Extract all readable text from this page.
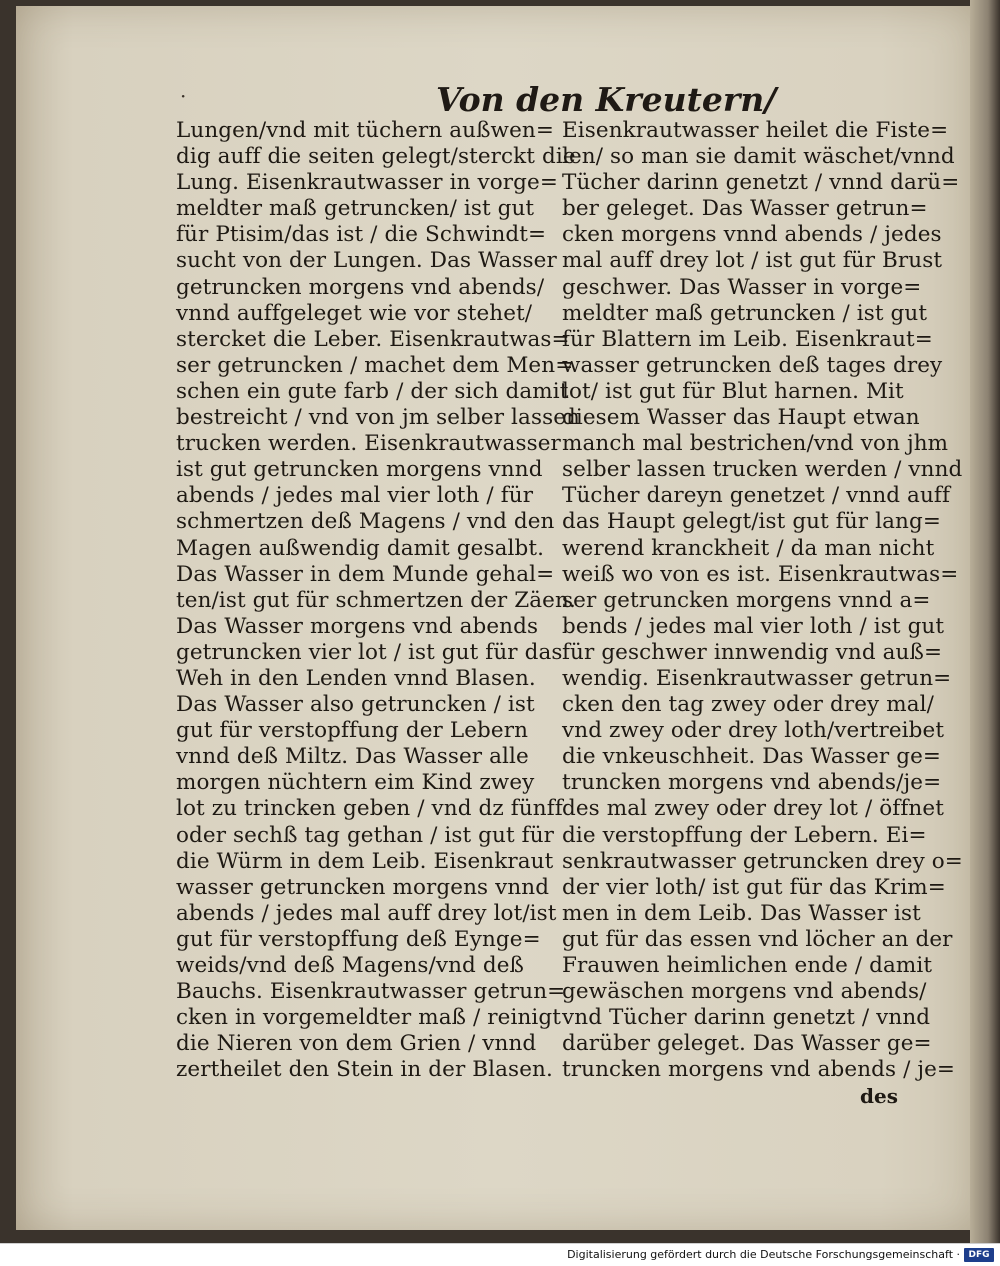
·	Von den Kreutern/
Lungen/vnd mit tüchern außwen=
dig auff die seiten gelegt/sterckt die
Lung. Eisenkrautwasser in vorge=
meldter maß getruncken/ ist gut
für Ptisim/das ist / die Schwindt=
sucht von der Lungen. Das Wasser
getruncken morgens vnd abends/
vnnd auffgeleget wie vor stehet/
stercket die Leber. Eisenkrautwas=
ser getruncken / machet dem Men=
schen ein gute farb / der sich damit
bestreicht / vnd von jm selber lassen
trucken werden. Eisenkrautwasser
ist gut getruncken morgens vnnd
abends / jedes mal vier loth / für
schmertzen deß Magens / vnd den
Magen außwendig damit gesalbt.
Das Wasser in dem Munde gehal=
ten/ist gut für schmertzen der Zäen.
Das Wasser morgens vnd abends
getruncken vier lot / ist gut für das
Weh in den Lenden vnnd Blasen.
Das Wasser also getruncken / ist
gut für verstopffung der Lebern
vnnd deß Miltz. Das Wasser alle
morgen nüchtern eim Kind zwey
lot zu trincken geben / vnd dz fünff
oder sechß tag gethan / ist gut für
die Würm in dem Leib. Eisenkraut
wasser getruncken morgens vnnd
abends / jedes mal auff drey lot/ist
gut für verstopffung deß Eynge=
weids/vnd deß Magens/vnd deß
Bauchs. Eisenkrautwasser getrun=
cken in vorgemeldter maß / reinigt
die Nieren von dem Grien / vnnd
zertheilet den Stein in der Blasen.
Eisenkrautwasser heilet die Fiste=
len/ so man sie damit wäschet/vnnd
Tücher darinn genetzt / vnnd darü=
ber geleget. Das Wasser getrun=
cken morgens vnnd abends / jedes
mal auff drey lot / ist gut für Brust
geschwer. Das Wasser in vorge=
meldter maß getruncken / ist gut
für Blattern im Leib. Eisenkraut=
wasser getruncken deß tages drey
lot/ ist gut für Blut harnen. Mit
diesem Wasser das Haupt etwan
manch mal bestrichen/vnd von jhm
selber lassen trucken werden / vnnd
Tücher dareyn genetzet / vnnd auff
das Haupt gelegt/ist gut für lang=
werend kranckheit / da man nicht
weiß wo von es ist. Eisenkrautwas=
ser getruncken morgens vnnd a=
bends / jedes mal vier loth / ist gut
für geschwer innwendig vnd auß=
wendig. Eisenkrautwasser getrun=
cken den tag zwey oder drey mal/
vnd zwey oder drey loth/vertreibet
die vnkeuschheit. Das Wasser ge=
truncken morgens vnd abends/je=
des mal zwey oder drey lot / öffnet
die verstopffung der Lebern. Ei=
senkrautwasser getruncken drey o=
der vier loth/ ist gut für das Krim=
men in dem Leib. Das Wasser ist
gut für das essen vnd löcher an der
Frauwen heimlichen ende / damit
gewäschen morgens vnd abends/
vnd Tücher darinn genetzt / vnnd
darüber geleget. Das Wasser ge=
truncken morgens vnd abends / je=
des
Digitalisierung gefördert durch die Deutsche Forschungsgemeinschaft · DFG
